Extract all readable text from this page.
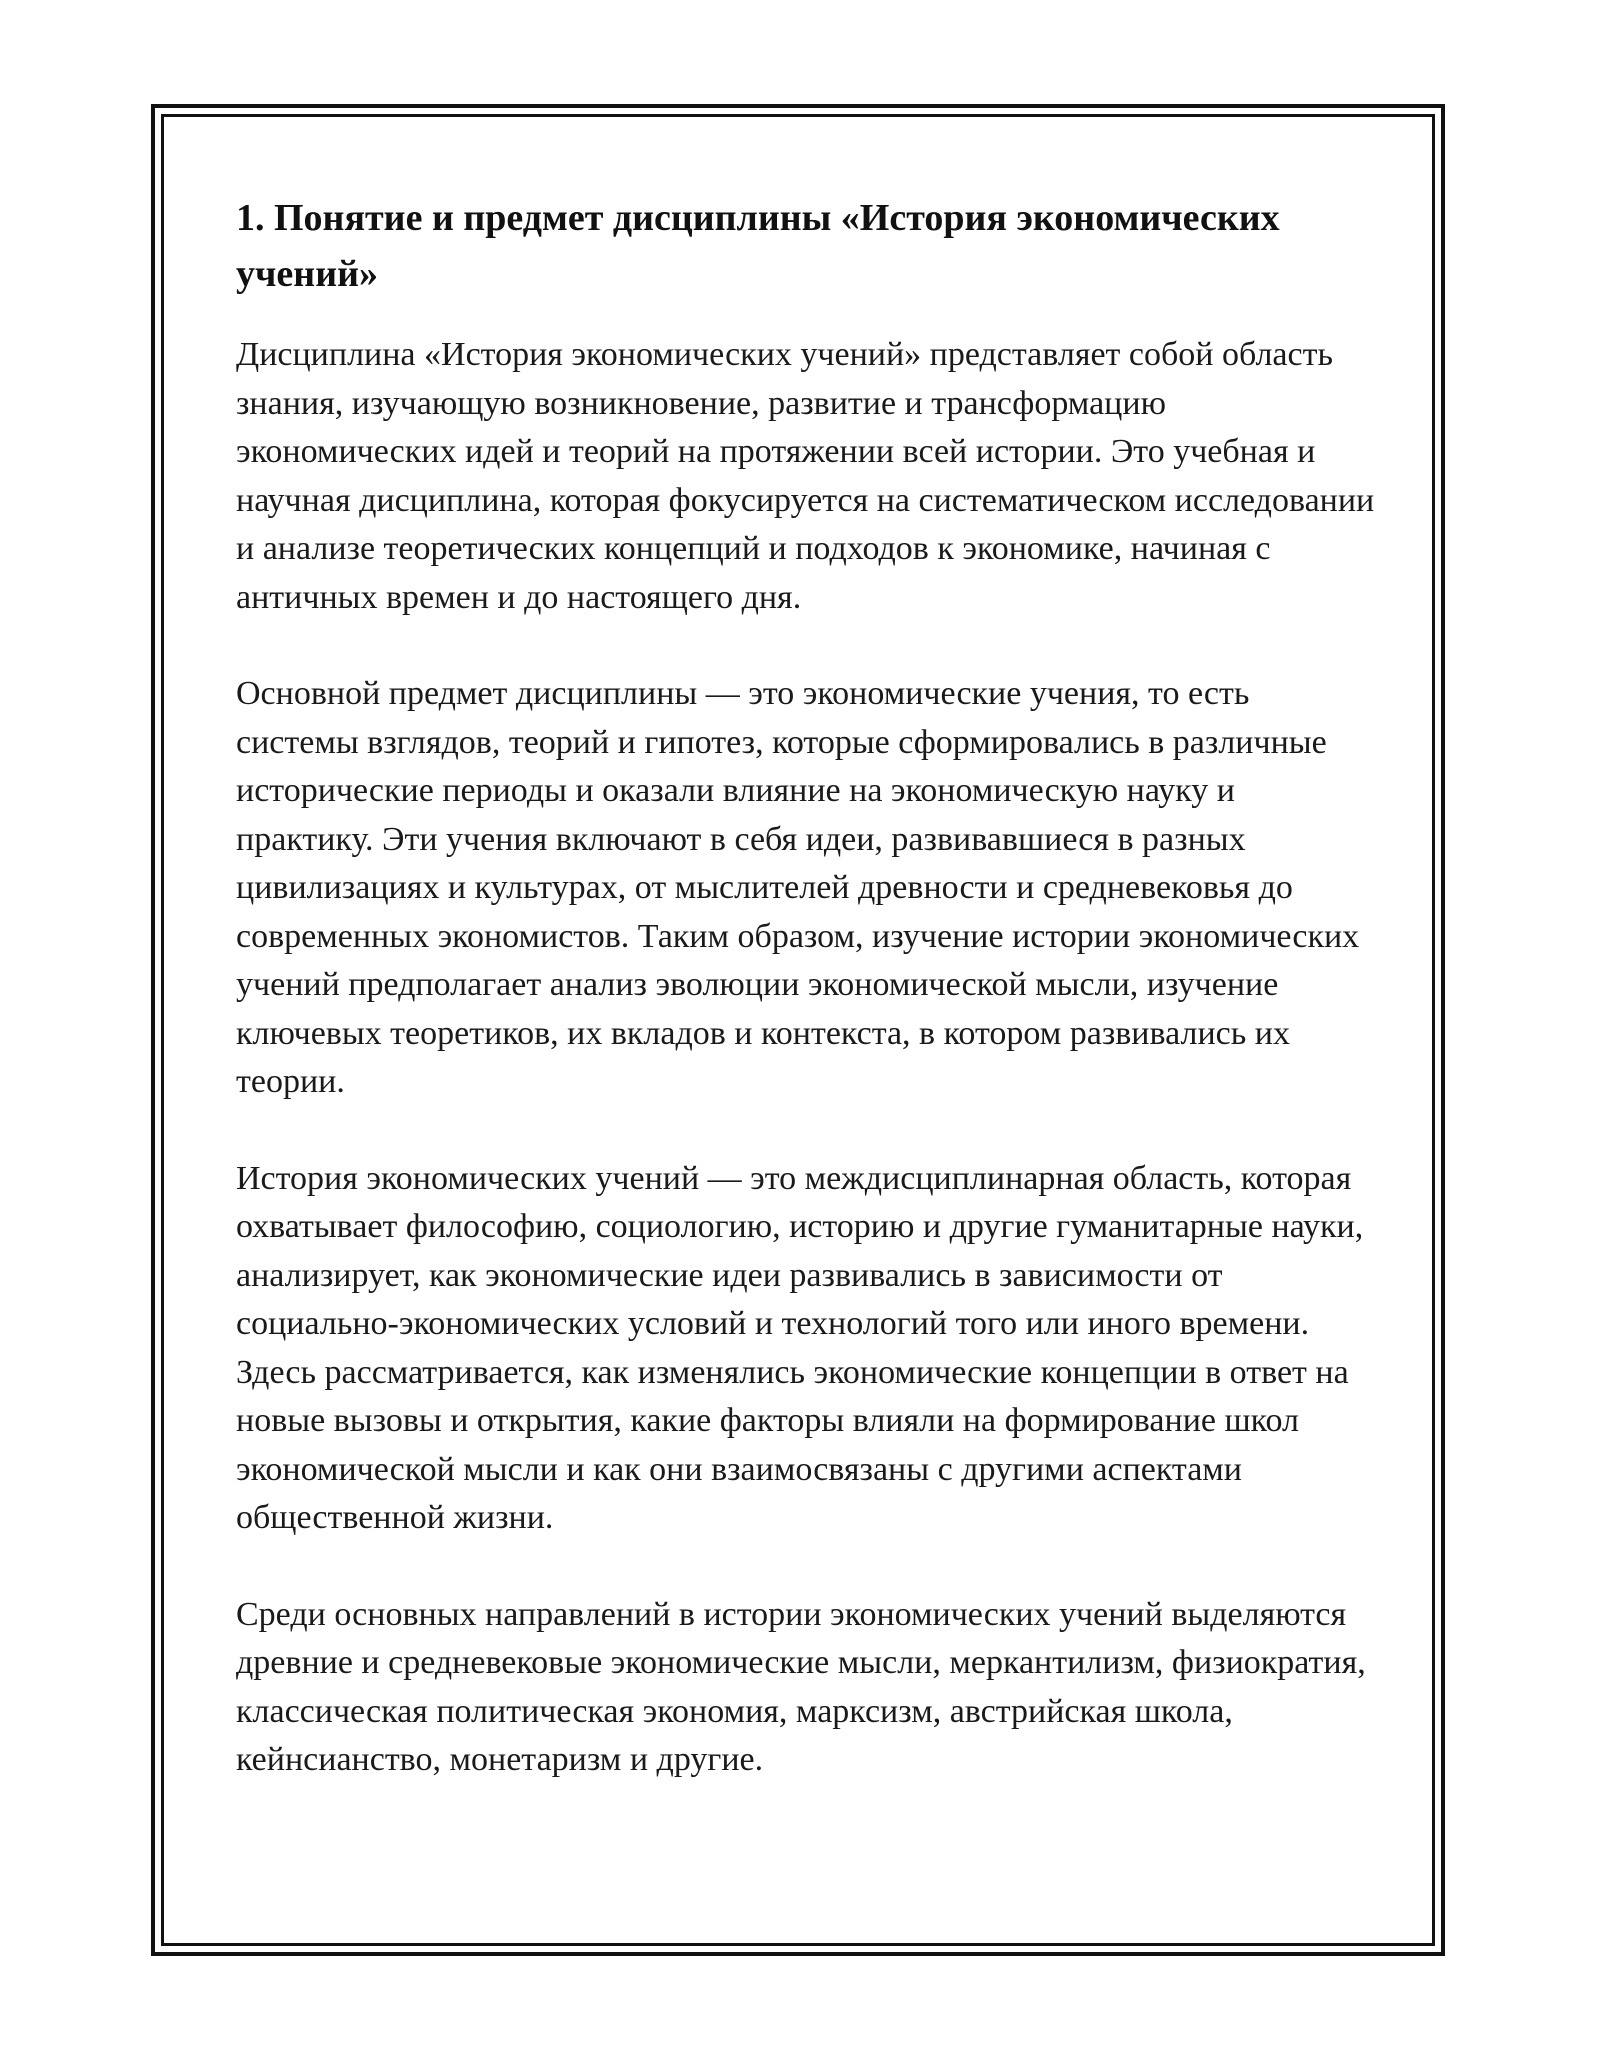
1. Понятие и предмет дисциплины «История экономических учений»

Дисциплина «История экономических учений» представляет собой область знания, изучающую возникновение, развитие и трансформацию экономических идей и теорий на протяжении всей истории. Это учебная и научная дисциплина, которая фокусируется на систематическом исследовании и анализе теоретических концепций и подходов к экономике, начиная с античных времен и до настоящего дня.

Основной предмет дисциплины — это экономические учения, то есть системы взглядов, теорий и гипотез, которые сформировались в различные исторические периоды и оказали влияние на экономическую науку и практику. Эти учения включают в себя идеи, развивавшиеся в разных цивилизациях и культурах, от мыслителей древности и средневековья до современных экономистов. Таким образом, изучение истории экономических учений предполагает анализ эволюции экономической мысли, изучение ключевых теоретиков, их вкладов и контекста, в котором развивались их теории.

История экономических учений — это междисциплинарная область, которая охватывает философию, социологию, историю и другие гуманитарные науки, анализирует, как экономические идеи развивались в зависимости от социально-экономических условий и технологий того или иного времени. Здесь рассматривается, как изменялись экономические концепции в ответ на новые вызовы и открытия, какие факторы влияли на формирование школ экономической мысли и как они взаимосвязаны с другими аспектами общественной жизни.

Среди основных направлений в истории экономических учений выделяются древние и средневековые экономические мысли, меркантилизм, физиократия, классическая политическая экономия, марксизм, австрийская школа, кейнсианство, монетаризм и другие.
